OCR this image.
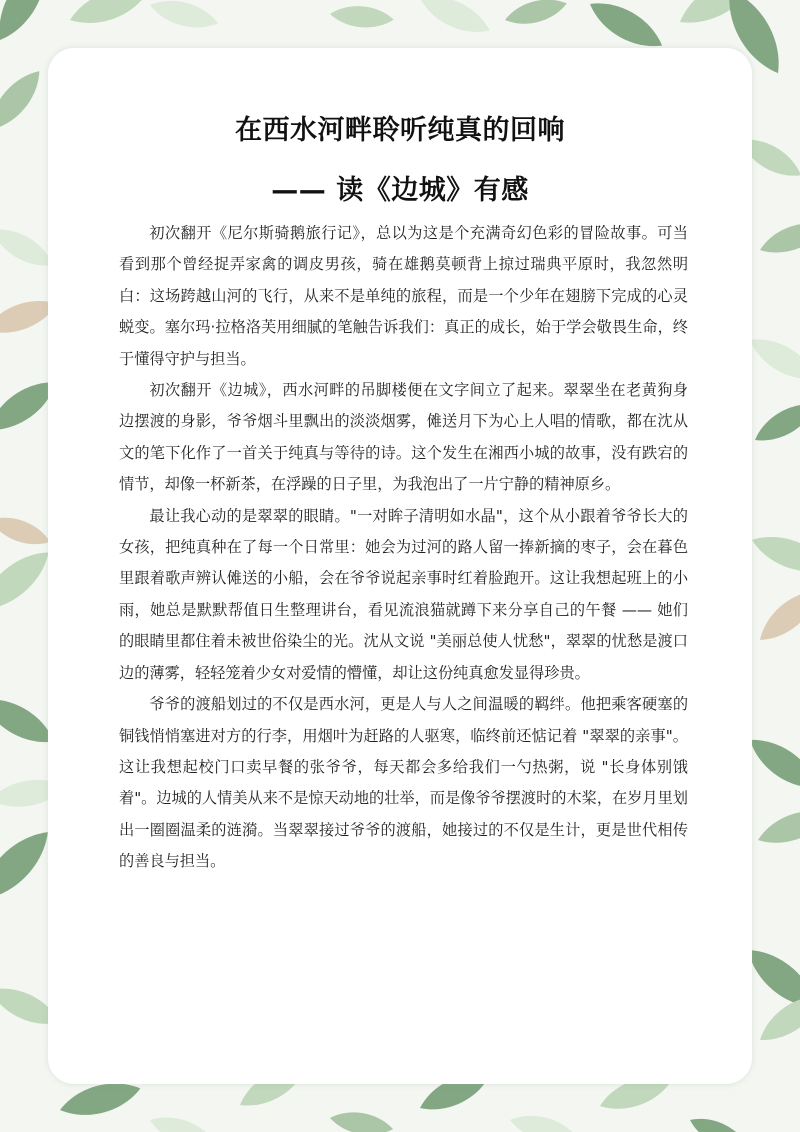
在西水河畔聆听纯真的回响
—— 读《边城》有感

初次翻开《尼尔斯骑鹅旅行记》，总以为这是个充满奇幻色彩的冒险故事。可当看到那个曾经捉弄家禽的调皮男孩，骑在雄鹅莫顿背上掠过瑞典平原时，我忽然明白：这场跨越山河的飞行，从来不是单纯的旅程，而是一个少年在翅膀下完成的心灵蜕变。塞尔玛·拉格洛芙用细腻的笔触告诉我们：真正的成长，始于学会敬畏生命，终于懂得守护与担当。

初次翻开《边城》，西水河畔的吊脚楼便在文字间立了起来。翠翠坐在老黄狗身边摆渡的身影，爷爷烟斗里飘出的淡淡烟雾，傩送月下为心上人唱的情歌，都在沈从文的笔下化作了一首关于纯真与等待的诗。这个发生在湘西小城的故事，没有跌宕的情节，却像一杯新茶，在浮躁的日子里，为我泡出了一片宁静的精神原乡。

最让我心动的是翠翠的眼睛。"一对眸子清明如水晶"，这个从小跟着爷爷长大的女孩，把纯真种在了每一个日常里：她会为过河的路人留一捧新摘的枣子，会在暮色里跟着歌声辨认傩送的小船，会在爷爷说起亲事时红着脸跑开。这让我想起班上的小雨，她总是默默帮值日生整理讲台，看见流浪猫就蹲下来分享自己的午餐 —— 她们的眼睛里都住着未被世俗染尘的光。沈从文说 "美丽总使人忧愁"，翠翠的忧愁是渡口边的薄雾，轻轻笼着少女对爱情的懵懂，却让这份纯真愈发显得珍贵。

爷爷的渡船划过的不仅是西水河，更是人与人之间温暖的羁绊。他把乘客硬塞的铜钱悄悄塞进对方的行李，用烟叶为赶路的人驱寒，临终前还惦记着 "翠翠的亲事"。这让我想起校门口卖早餐的张爷爷，每天都会多给我们一勺热粥，说 "长身体别饿着"。边城的人情美从来不是惊天动地的壮举，而是像爷爷摆渡时的木桨，在岁月里划出一圈圈温柔的涟漪。当翠翠接过爷爷的渡船，她接过的不仅是生计，更是世代相传的善良与担当。
